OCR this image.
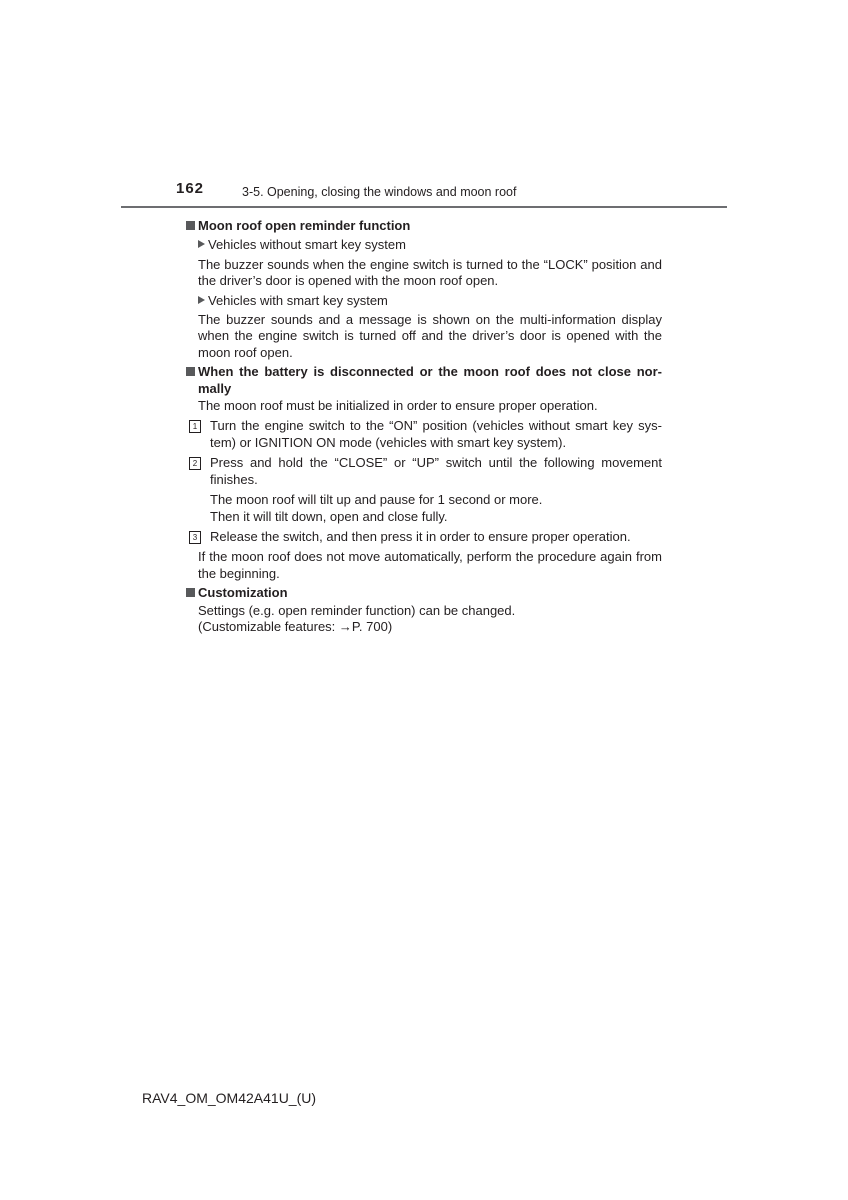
162	3-5. Opening, closing the windows and moon roof
Moon roof open reminder function
Vehicles without smart key system
The buzzer sounds when the engine switch is turned to the “LOCK” position and the driver’s door is opened with the moon roof open.
Vehicles with smart key system
The buzzer sounds and a message is shown on the multi-information display when the engine switch is turned off and the driver’s door is opened with the moon roof open.
When the battery is disconnected or the moon roof does not close nor-mally
The moon roof must be initialized in order to ensure proper operation.
1 Turn the engine switch to the “ON” position (vehicles without smart key sys-tem) or IGNITION ON mode (vehicles with smart key system).
2 Press and hold the “CLOSE” or “UP” switch until the following movement finishes.
The moon roof will tilt up and pause for 1 second or more.
Then it will tilt down, open and close fully.
3 Release the switch, and then press it in order to ensure proper operation.
If the moon roof does not move automatically, perform the procedure again from the beginning.
Customization
Settings (e.g. open reminder function) can be changed.
(Customizable features: →P. 700)
RAV4_OM_OM42A41U_(U)
